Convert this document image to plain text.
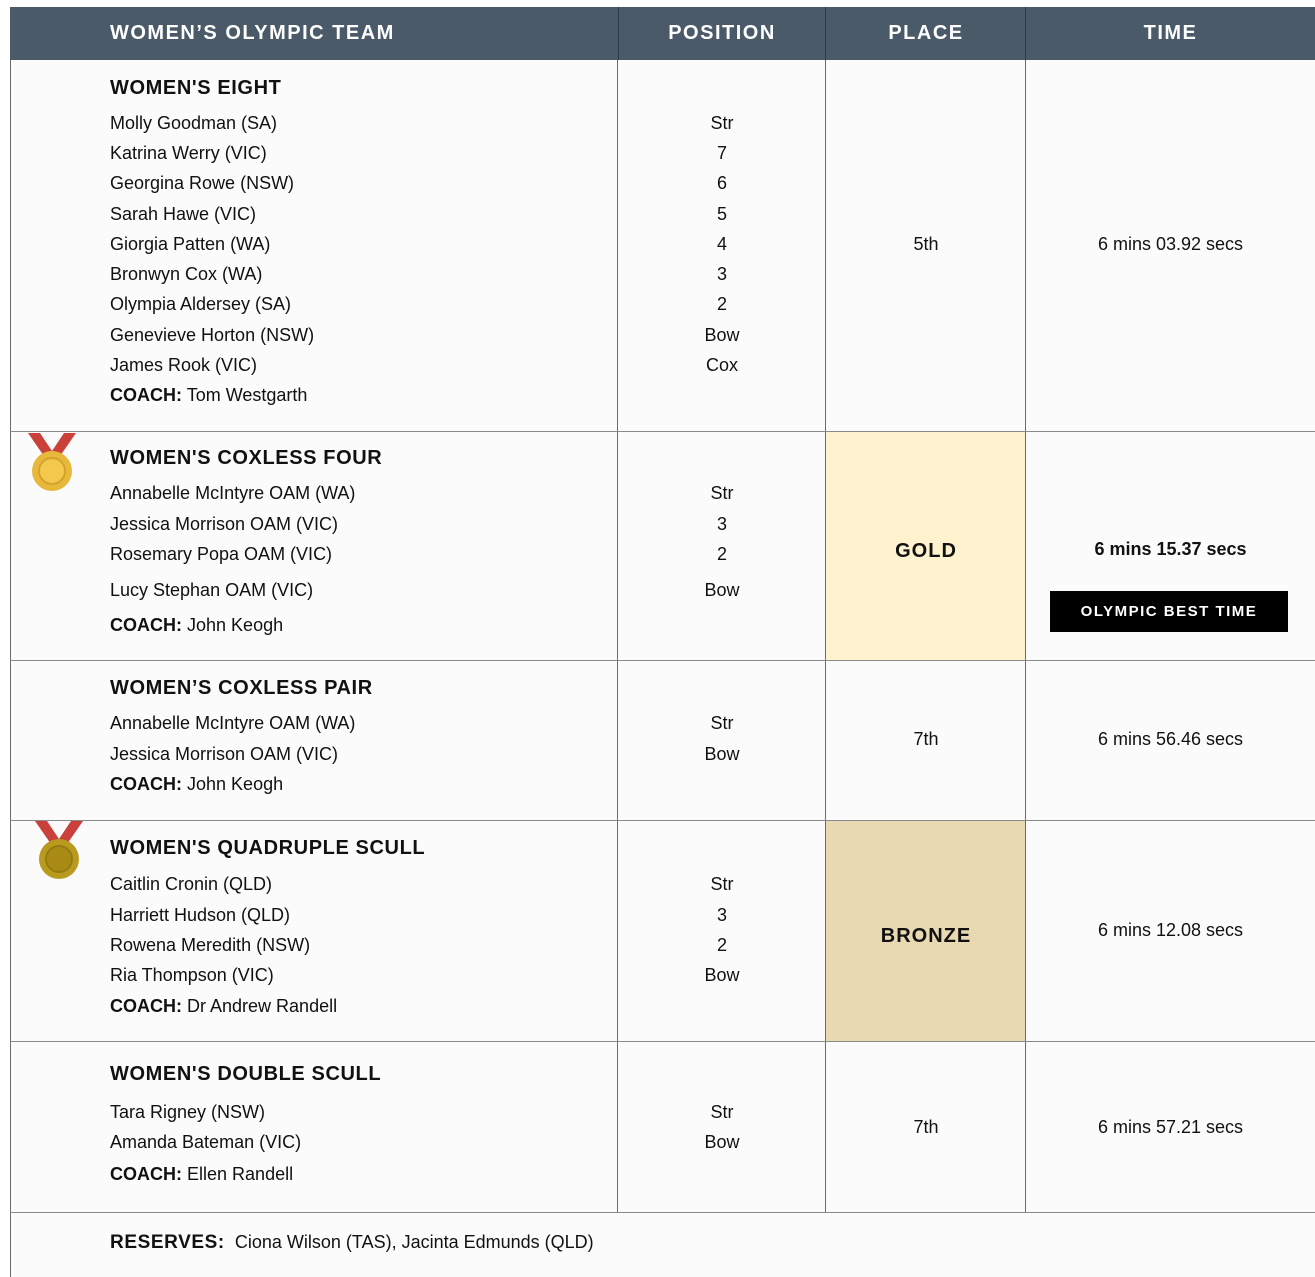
WOMEN’S OLYMPIC TEAM	POSITION	PLACE	TIME
WOMEN'S EIGHT
Molly Goodman (SA)	Str
Katrina Werry (VIC)	7
Georgina Rowe (NSW)	6
Sarah Hawe (VIC)	5
Giorgia Patten (WA)	4
Bronwyn Cox (WA)	3
Olympia Aldersey (SA)	2
Genevieve Horton (NSW)	Bow
James Rook (VIC)	Cox
COACH: Tom Westgarth
5th	6 mins 03.92 secs
WOMEN'S COXLESS FOUR
Annabelle McIntyre OAM (WA)	Str
Jessica Morrison OAM (VIC)	3
Rosemary Popa OAM (VIC)	2
Lucy Stephan OAM (VIC)	Bow
COACH: John Keogh
GOLD	6 mins 15.37 secs
OLYMPIC BEST TIME
WOMEN’S COXLESS PAIR
Annabelle McIntyre OAM (WA)	Str
Jessica Morrison OAM (VIC)	Bow
COACH: John Keogh
7th	6 mins 56.46 secs
WOMEN'S QUADRUPLE SCULL
Caitlin Cronin (QLD)	Str
Harriett Hudson (QLD)	3
Rowena Meredith (NSW)	2
Ria Thompson (VIC)	Bow
COACH: Dr Andrew Randell
BRONZE	6 mins 12.08 secs
WOMEN'S DOUBLE SCULL
Tara Rigney (NSW)	Str
Amanda Bateman (VIC)	Bow
COACH: Ellen Randell
7th	6 mins 57.21 secs
RESERVES: Ciona Wilson (TAS), Jacinta Edmunds (QLD)
